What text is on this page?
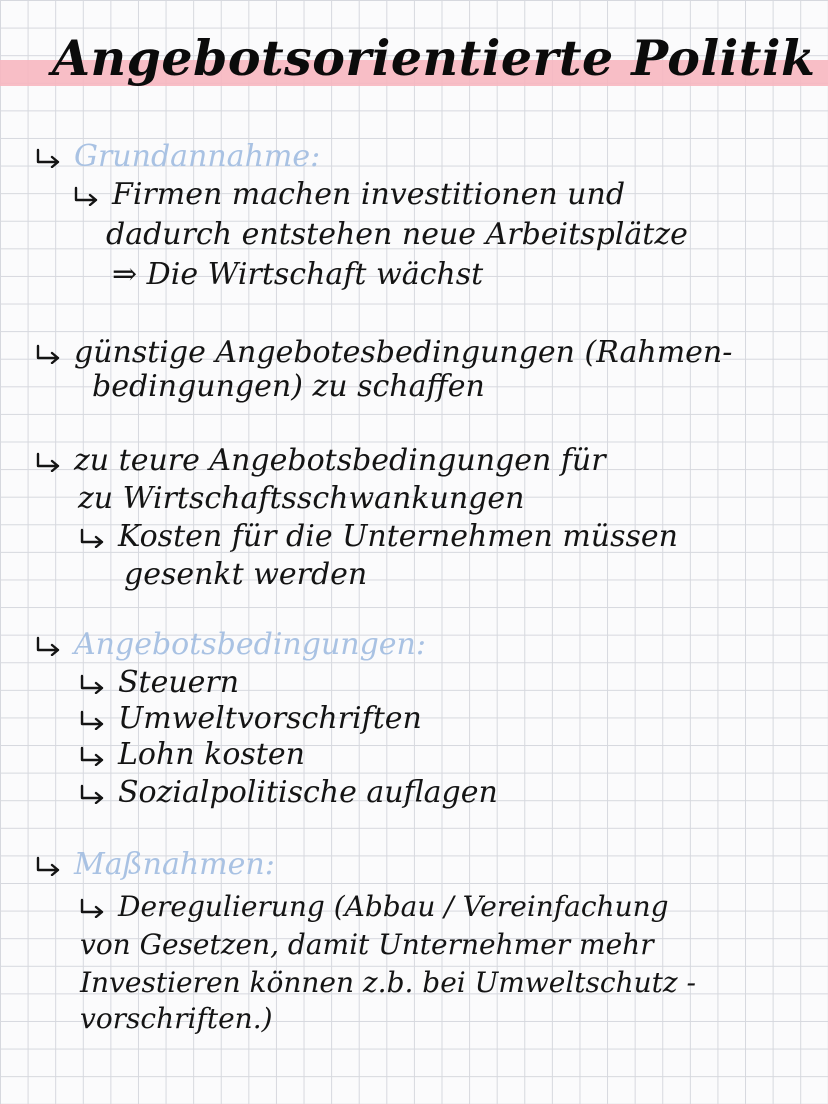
Angebotsorientierte Politik
Grundannahme:
Firmen machen investitionen und
dadurch entstehen neue Arbeitsplätze
⇒ Die Wirtschaft wächst
günstige Angebotesbedingungen (Rahmen-
bedingungen) zu schaffen
zu teure Angebotsbedingungen für
zu Wirtschaftsschwankungen
Kosten für die Unternehmen müssen
gesenkt werden
Angebotsbedingungen:
Steuern
Umweltvorschriften
Lohn kosten
Sozialpolitische auflagen
Maßnahmen:
Deregulierung (Abbau / Vereinfachung
von Gesetzen, damit Unternehmer mehr
Investieren können z.b. bei Umweltschutz -
vorschriften.)
